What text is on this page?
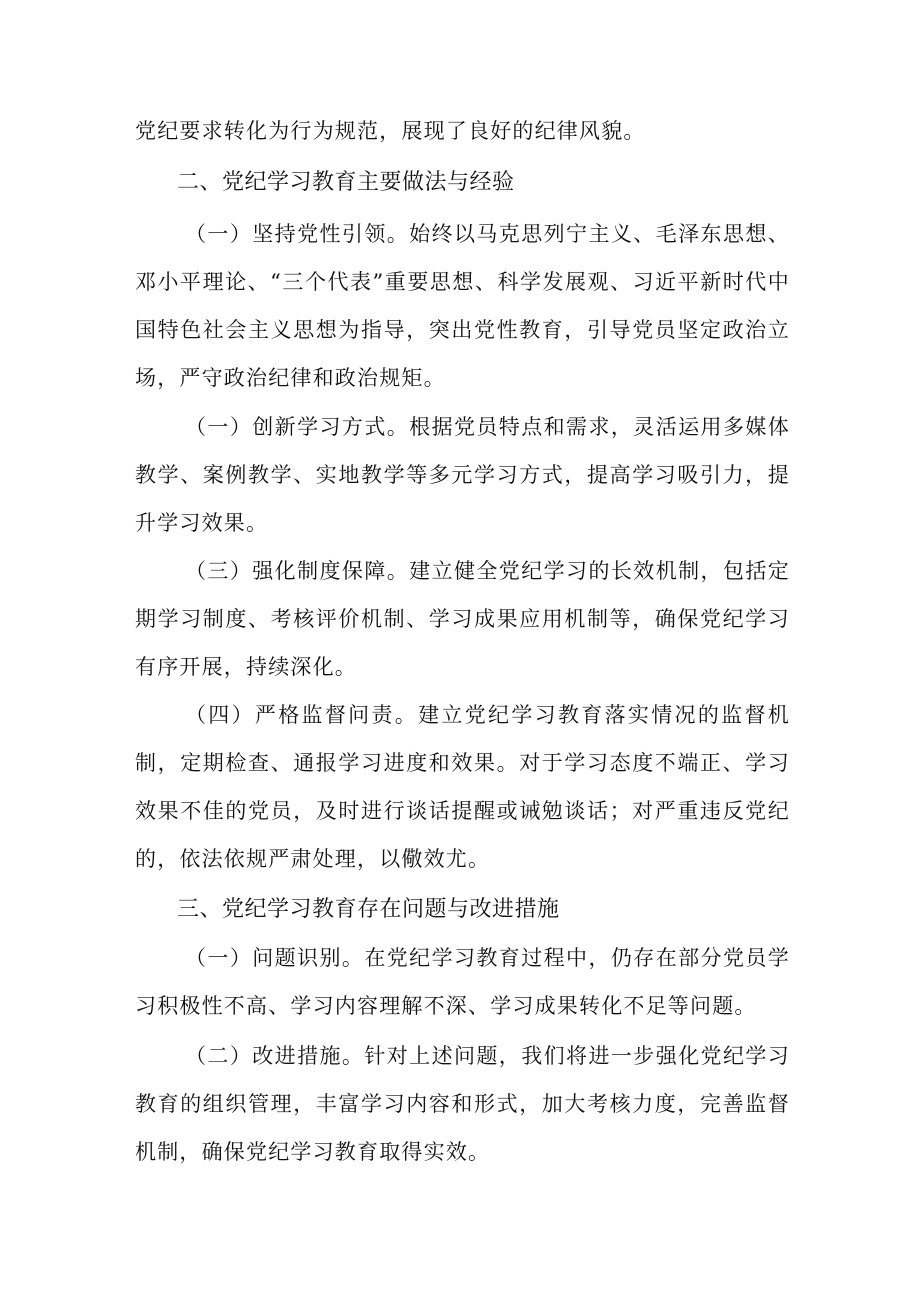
党纪要求转化为行为规范，展现了良好的纪律风貌。

二、党纪学习教育主要做法与经验

（一）坚持党性引领。始终以马克思列宁主义、毛泽东思想、邓小平理论、“三个代表”重要思想、科学发展观、习近平新时代中国特色社会主义思想为指导，突出党性教育，引导党员坚定政治立场，严守政治纪律和政治规矩。

（一）创新学习方式。根据党员特点和需求，灵活运用多媒体教学、案例教学、实地教学等多元学习方式，提高学习吸引力，提升学习效果。

（三）强化制度保障。建立健全党纪学习的长效机制，包括定期学习制度、考核评价机制、学习成果应用机制等，确保党纪学习有序开展，持续深化。

（四）严格监督问责。建立党纪学习教育落实情况的监督机制，定期检查、通报学习进度和效果。对于学习态度不端正、学习效果不佳的党员，及时进行谈话提醒或诫勉谈话；对严重违反党纪的，依法依规严肃处理，以儆效尤。

三、党纪学习教育存在问题与改进措施

（一）问题识别。在党纪学习教育过程中，仍存在部分党员学习积极性不高、学习内容理解不深、学习成果转化不足等问题。

（二）改进措施。针对上述问题，我们将进一步强化党纪学习教育的组织管理，丰富学习内容和形式，加大考核力度，完善监督机制，确保党纪学习教育取得实效。
